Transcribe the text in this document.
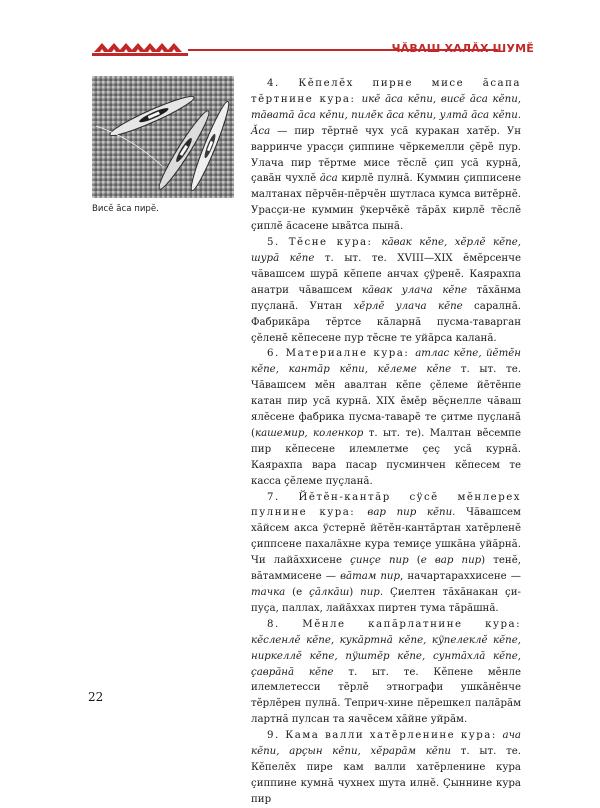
ЧĂВАШ ХАЛĂХ ШУМĔ
Висĕ ăса пирĕ.

4. Кĕпелĕх пирне мисе ăсапа тĕртнине кура: икĕ ăса кĕпи, висĕ ăса кĕпи, тăватă ăса кĕпи, пилĕк ăса кĕпи, ултă ăса кĕпи. Ăса — пир тĕртнĕ чух усă куракан хатĕр. Ун варринче урасçи çиппине чĕркемелли çĕрĕ пур. Улача пир тĕртме мисе тĕслĕ çип усă курнă, çавăн чухлĕ ăса кирлĕ пулнă. Куммин çипписене малтанах пĕрчĕн-пĕрчĕн шутласа кумса витĕрнĕ. Урасçи-не куммин ÿкерчĕкĕ тăрăх кирлĕ тĕслĕ çиплĕ ăсасене ывăтса пынă.

5. Тĕсне кура: кăвак кĕпе, хĕрлĕ кĕпе, шурă кĕпе т. ыт. те. XVIII—XIX ĕмĕрсенче чăвашсем шурă кĕпепе анчах çÿренĕ. Каярахпа анатри чăвашсем кăвак улача кĕпе тăхăнма пуçланă. Унтан хĕрлĕ улача кĕпе саралнă. Фабрикăра тĕртсе кăларнă пусма-таварган çĕленĕ кĕпесене пур тĕсне те уйăрса каланă.

6. Материалне кура: атлас кĕпе, йĕтĕн кĕпе, кантăр кĕпи, кĕлеме кĕпе т. ыт. те. Чăвашсем мĕн авалтан кĕпе çĕлеме йĕтĕнпе катан пир усă курнă. XIX ĕмĕр вĕçнелле чăваш ялĕсене фабрика пусма-таварĕ те çитме пуçланă (кашемир, коленкор т. ыт. те). Малтан вĕсемпе пир кĕпесене илемлетме çеç усă курнă. Каярахпа вара пасар пусминчен кĕпесем те касса çĕлеме пуçланă.

7. Йĕтĕн-кантăр сÿсĕ мĕнлерех пулнине кура: вар пир кĕпи. Чăвашсем хăйсем акса ÿстернĕ йĕтĕн-кантăртан хатĕрленĕ çиппсене пахалăхне кура темиçе ушкăна уйăрнă. Чи лайăххисене çинçе пир (е вар пир) тенĕ, вăтаммисене — вăтам пир, начартараххисене — тачка (е çăлкăш) пир. Çиелтен тăхăнакан çи-пуçа, паллах, лайăххах пиртен тума тăрăшнă.

8. Мĕнле капăрлатнине кура: кĕсленлĕ кĕпе, кукăртнă кĕпе, кÿпелеклĕ кĕпе, ниркеллĕ кĕпе, пÿштĕр кĕпе, сунтăхлă кĕпе, çаврăнă кĕпе т. ыт. те. Кĕпене мĕнле илемлетесси тĕрлĕ этнографи ушкăнĕнче тĕрлĕрен пулнă. Теприч-хине пĕрешкел палăрăм лартнă пулсан та яачĕсем хăйне уйрăм.

9. Кама валли хатĕрленине кура: ача кĕпи, арçын кĕпи, хĕрарăм кĕпи т. ыт. те. Кĕпелĕх пире кам валли хатĕрленине кура çиппине кумнă чухнех шута илнĕ. Çыннине кура пир

22
